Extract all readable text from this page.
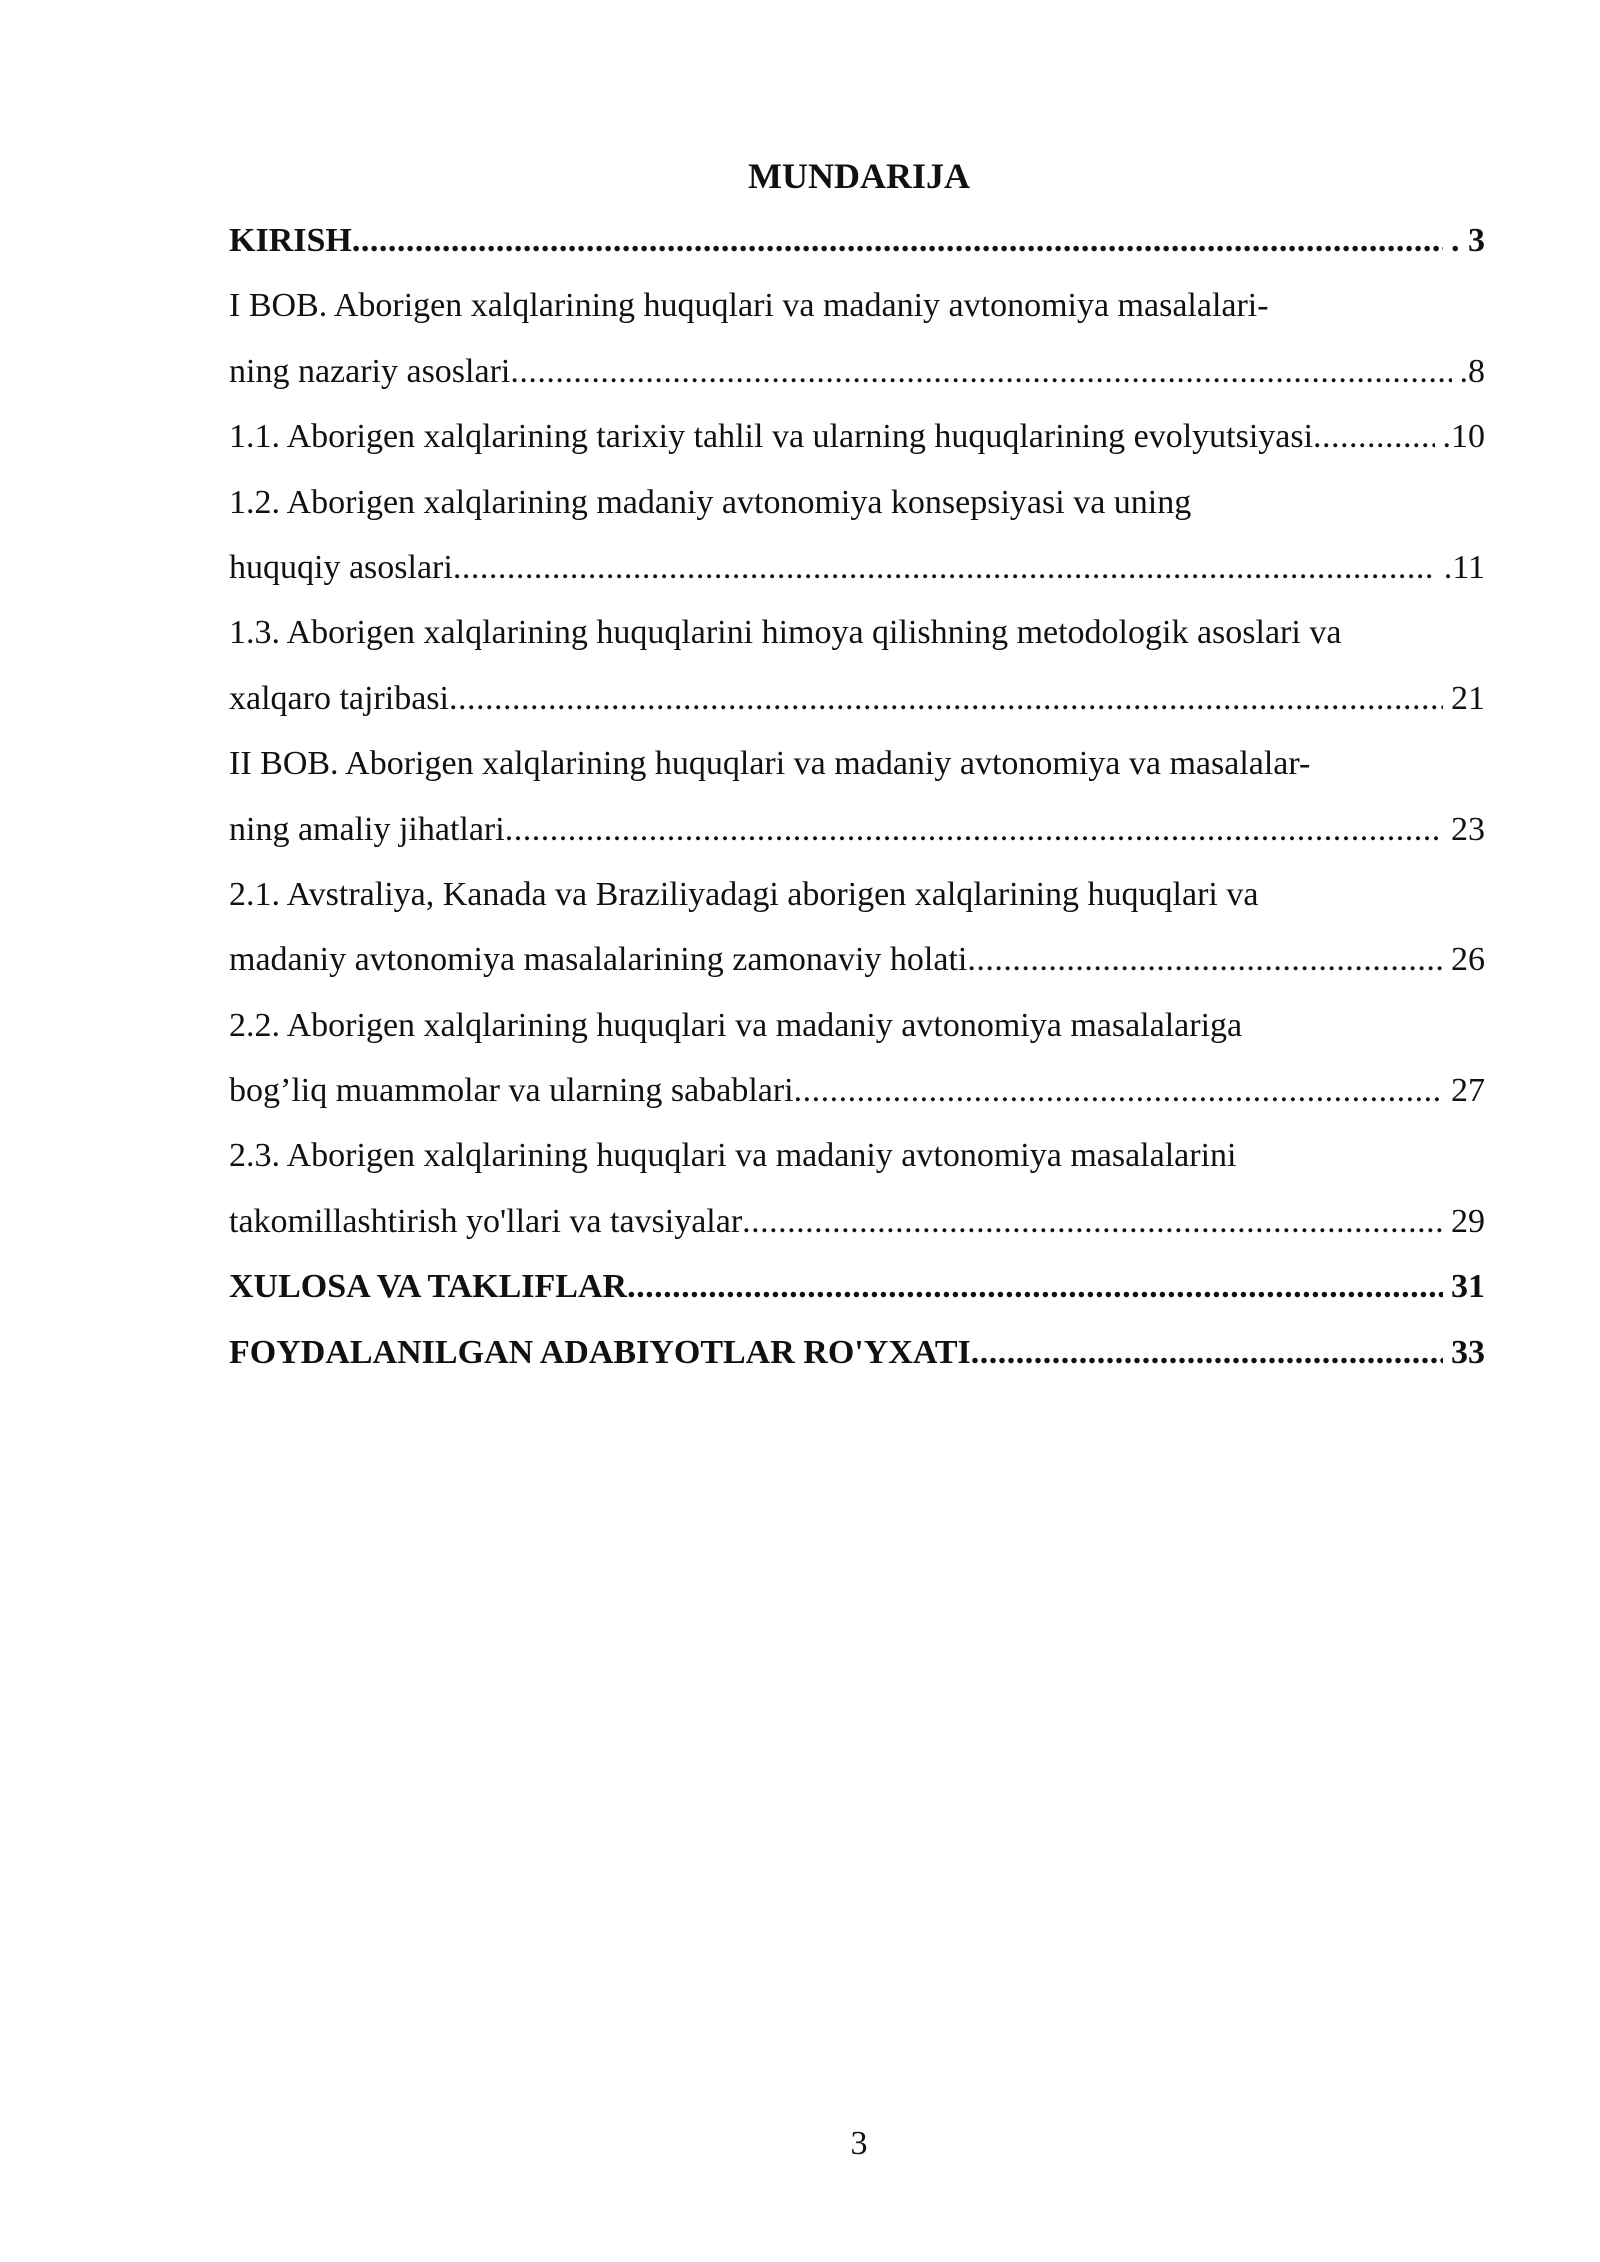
MUNDARIJA
KIRISH .....	. 3
I BOB. Aborigen xalqlarining huquqlari va madaniy avtonomiya masalalari-
ning nazariy asoslari .....	.8
1.1. Aborigen xalqlarining tarixiy tahlil va ularning huquqlarining evolyutsiyasi .....	.10
1.2. Aborigen xalqlarining madaniy avtonomiya konsepsiyasi va uning
huquqiy asoslari .....	.11
1.3. Aborigen xalqlarining huquqlarini himoya qilishning metodologik asoslari va
xalqaro tajribasi .....	21
II BOB. Aborigen xalqlarining huquqlari va madaniy avtonomiya va masalalar-
ning amaliy jihatlari .....	23
2.1. Avstraliya, Kanada va Braziliyadagi aborigen xalqlarining huquqlari va
madaniy avtonomiya masalalarining zamonaviy holati .....	26
2.2. Aborigen xalqlarining huquqlari va madaniy avtonomiya masalalariga
bog’liq muammolar va ularning sabablari .....	27
2.3. Aborigen xalqlarining huquqlari va madaniy avtonomiya masalalarini
takomillashtirish yo'llari va tavsiyalar .....	29
XULOSA VA TAKLIFLAR .....	31
FOYDALANILGAN ADABIYOTLAR RO'YXATI .....	33
3
